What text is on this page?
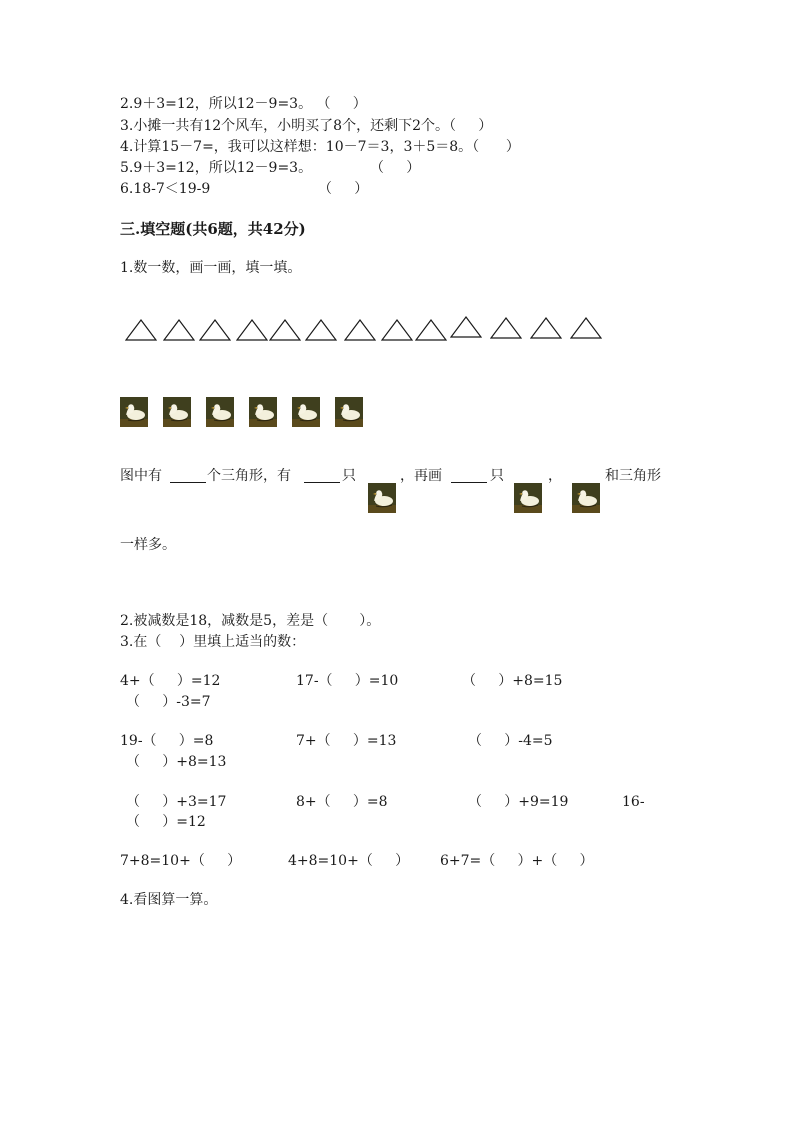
2.9＋3=12，所以12－9=3。 （     ）
3.小摊一共有12个风车，小明买了8个，还剩下2个。（     ）
4.计算15－7=，我可以这样想：10－7＝3，3＋5＝8。（      ）
5.9＋3=12，所以12－9=3。	（     ）
6.18-7＜19-9	（     ）
三.填空题(共6题，共42分)
1.数一数，画一画，填一填。
图中有	个三角形，有	只	，再画	只	，	和三角形
一样多。
2.被减数是18，减数是5，差是（       ）。
3.在（    ）里填上适当的数：
4+（     ）=12	17-（     ）=10	（     ）+8=15
（     ）-3=7
19-（     ）=8	7+（     ）=13	（     ）-4=5
（     ）+8=13
（     ）+3=17	8+（     ）=8	（     ）+9=19	16-
（     ）=12
7+8=10+（     ）	4+8=10+（     ） 6+7=（     ）+（     ）
4.看图算一算。
